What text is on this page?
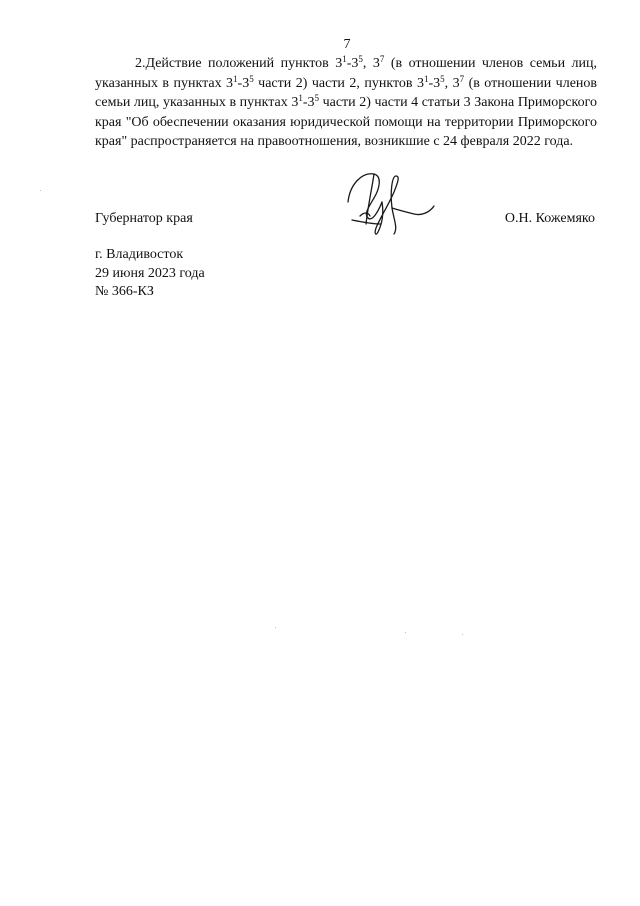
7

2.Действие положений пунктов $3^1-3^5$, $3^7$ (в отношении членов семьи лиц, указанных в пунктах $3^1-3^5$ части 2) части 2, пунктов $3^1-3^5$, $3^7$ (в отношении членов семьи лиц, указанных в пунктах $3^1-3^5$ части 2) части 4 статьи 3 Закона Приморского края "Об обеспечении оказания юридической помощи на территории Приморского края" распространяется на правоотношения, возникшие с 24 февраля 2022 года.

Губернатор края	О.Н. Кожемяко
г. Владивосток
29 июня 2023 года
№ 366-КЗ
